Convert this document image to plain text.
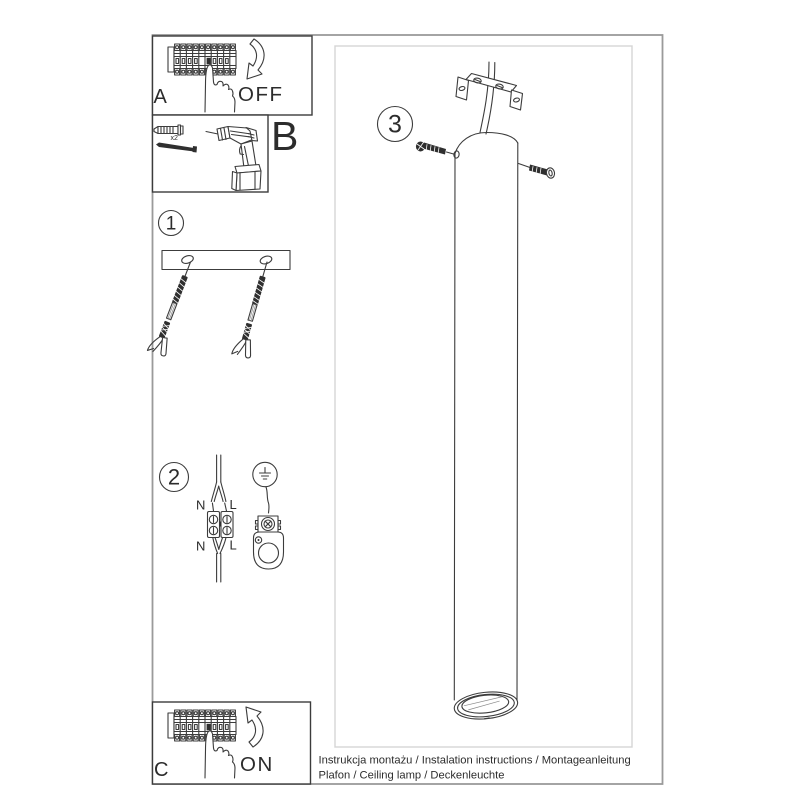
A	OFF
x2 B
1
2
N L
N L
3
C	ON	Instrukcja montażu / Instalation instructions / Montageanleitung
Plafon / Ceiling lamp / Deckenleuchte
